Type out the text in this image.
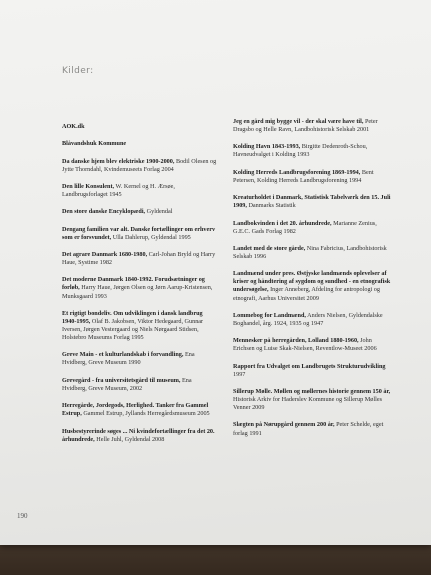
Kilder:
AOK.dk
Blåvandshuk Kommune
Da danske hjem blev elektriske 1900-2000, Bodil Olesen og Jytte Thorndahl, Kvindemuseets Forlag 2004
Den lille Konsulent, W. Kernel og H. Ærsøe, Landbrugsforlaget 1945
Den store danske Encyklopædi, Gyldendal
Dengang familien var alt. Danske fortællinger om erhverv som er forsvundet, Ulla Dahlerup, Gyldendal 1995
Det agrare Danmark 1680-1980, Carl-Johan Bryld og Harry Haue, Systime 1982
Det moderne Danmark 1840-1992. Forudsætninger og forløb, Harry Haue, Jørgen Olsen og Jørn Aarup-Kristensen, Munksgaard 1993
Et rigtigt bondeliv. Om udviklingen i dansk landbrug 1940-1995, Olaf B. Jakobsen, Viktor Hedegaard, Gunnar Iversen, Jørgen Vestergaard og Niels Nørgaard Stidsen, Holstebro Museums Forlag 1995
Greve Main - et kulturlandskab i forvandling, Ena Hvidberg, Greve Museum 1990
Grevegård - fra universitetsgård til museum, Ena Hvidberg, Greve Museum, 2002
Herregårde, Jordegods, Herlighed. Tanker fra Gammel Estrup, Gammel Estrup, Jyllands Herregårdsmuseum 2005
Husbestyrerinde søges ... Ni kvindefortællinger fra det 20. århundrede, Helle Juhl, Gyldendal 2008
Jeg en gård mig bygge vil - der skal være have til, Peter Dragsbo og Helle Ravn, Landbohistorisk Selskab 2001
Kolding Havn 1843-1993, Birgitte Dedenroth-Schou, Havneudvalget i Kolding 1993
Kolding Herreds Landbrugsforening 1869-1994, Bent Petersen, Kolding Herreds Landbrugsforening 1994
Kreaturholdet i Danmark, Statistisk Tabelværk den 15. Juli 1909, Danmarks Statistik
Landbokvinden i det 20. århundrede, Marianne Zenius, G.E.C. Gads Forlag 1982
Landet med de store gårde, Nina Fabricius, Landbohistorisk Selskab 1996
Landmænd under pres. Østjyske landmænds oplevelser af kriser og håndtering af sygdom og sundhed - en etnografisk undersøgelse, Inger Anneberg, Afdeling for antropologi og etnografi, Aarhus Universitet 2009
Lommebog for Landmænd, Anders Nielsen, Gyldendalske Boghandel, årg. 1924, 1935 og 1947
Mennesker på herregården, Lolland 1880-1960, John Erichsen og Luise Skak-Nielsen, Reventlow-Museet 2006
Rapport fra Udvalget om Landbrugets Strukturudvikling 1997
Sillerup Mølle. Møllen og møllernes historie gennem 150 år, Historisk Arkiv for Haderslev Kommune og Sillerup Mølles Venner 2009
Slægten på Nørupgård gennem 200 år, Peter Schelde, eget forlag 1991
190
